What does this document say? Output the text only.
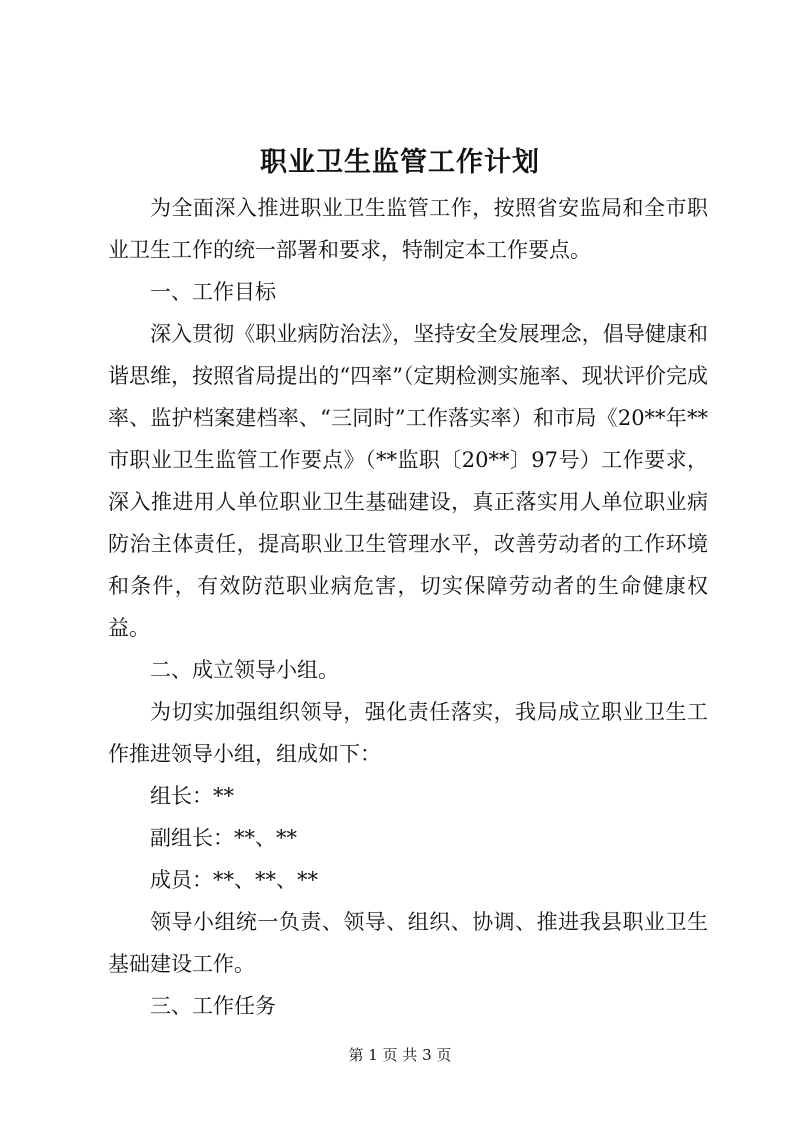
职业卫生监管工作计划

为全面深入推进职业卫生监管工作，按照省安监局和全市职业卫生工作的统一部署和要求，特制定本工作要点。

一、工作目标

深入贯彻《职业病防治法》，坚持安全发展理念，倡导健康和谐思维，按照省局提出的“四率”（定期检测实施率、现状评价完成率、监护档案建档率、“三同时”工作落实率）和市局《20**年**市职业卫生监管工作要点》（**监职〔20**〕97号）工作要求，深入推进用人单位职业卫生基础建设，真正落实用人单位职业病防治主体责任，提高职业卫生管理水平，改善劳动者的工作环境和条件，有效防范职业病危害，切实保障劳动者的生命健康权益。

二、成立领导小组。

为切实加强组织领导，强化责任落实，我局成立职业卫生工作推进领导小组，组成如下：

组长：**

副组长：**、**

成员：**、**、**

领导小组统一负责、领导、组织、协调、推进我县职业卫生基础建设工作。

三、工作任务

第 1 页 共 3 页
